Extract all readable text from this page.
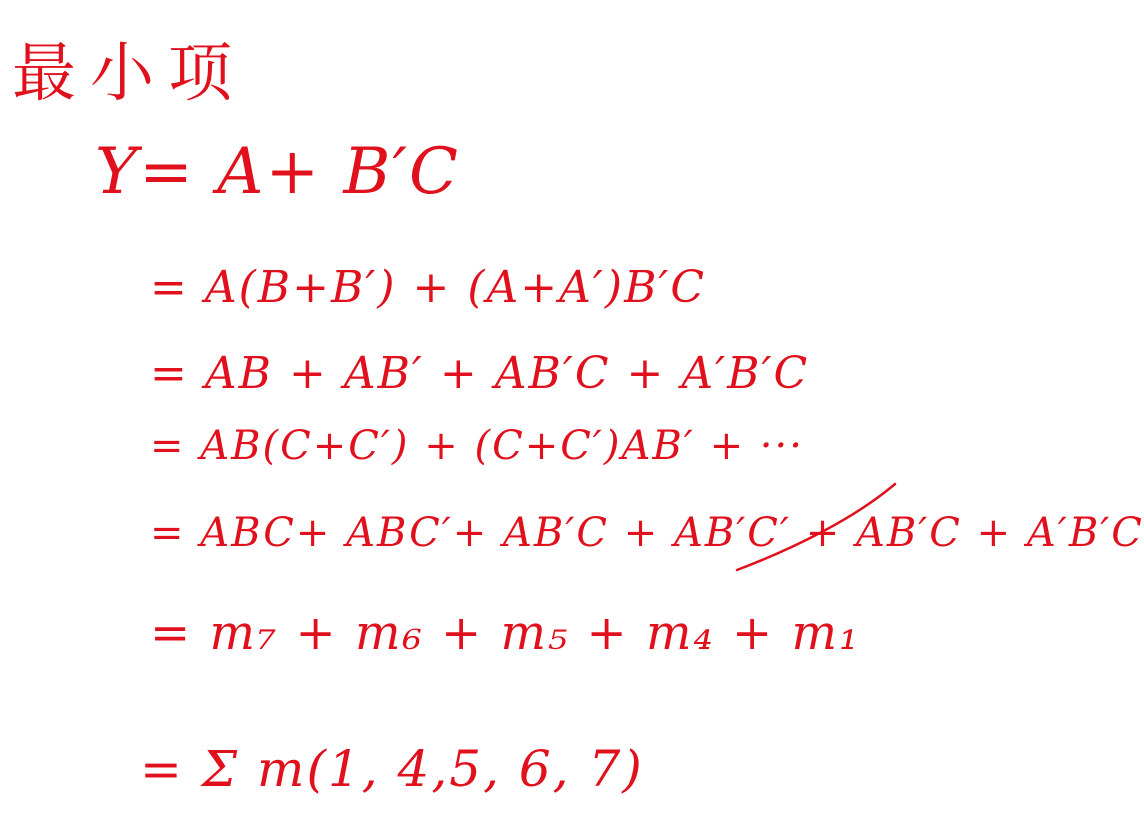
最小项
Y= A+ B′C
= A(B+B′) + (A+A′)B′C
= AB + AB′ + AB′C + A′B′C
= AB(C+C′) + (C+C′)AB′ + ···
= ABC+ ABC′+ AB′C + AB′C′ + AB′C + A′B′C
= m₇ + m₆ + m₅ + m₄ + m₁
= Σ m(1, 4,5, 6, 7)
